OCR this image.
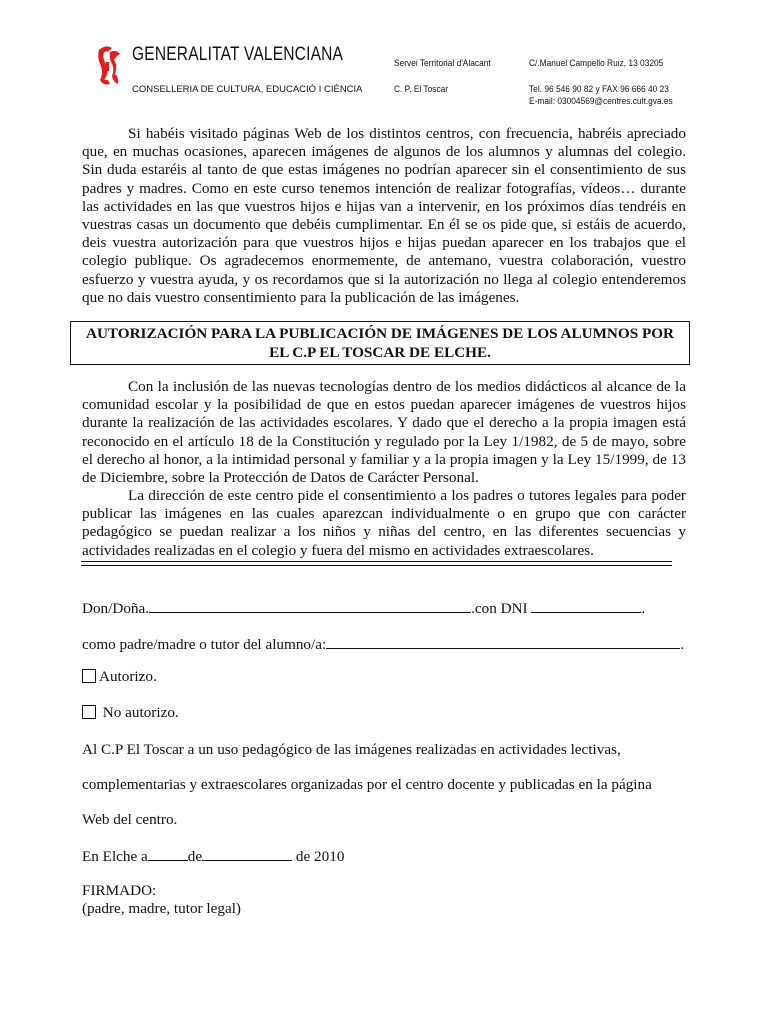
GENERALITAT VALENCIANA
CONSELLERIA DE CULTURA, EDUCACIÓ I CIÈNCIA
Servei Territorial d'Alacant
C. P. El Toscar
C/.Manuel Campello Ruiz, 13 03205
Tel. 96 546 90 82 y FAX 96 666 40 23
E-mail: 03004569@centres.cult.gva.es
Si habéis visitado páginas Web de los distintos centros, con frecuencia, habréis apreciado que, en muchas ocasiones, aparecen imágenes de algunos de los alumnos y alumnas del colegio. Sin duda estaréis al tanto de que estas imágenes no podrían aparecer sin el consentimiento de sus padres y madres. Como en este curso tenemos intención de realizar fotografías, vídeos… durante las actividades en las que vuestros hijos e hijas van a intervenir, en los próximos días tendréis en vuestras casas un documento que debéis cumplimentar. En él se os pide que, si estáis de acuerdo, deis vuestra autorización para que vuestros hijos e hijas puedan aparecer en los trabajos que el colegio publique. Os agradecemos enormemente, de antemano, vuestra colaboración, vuestro esfuerzo y vuestra ayuda, y os recordamos que si la autorización no llega al colegio entenderemos que no dais vuestro consentimiento para la publicación de las imágenes.
AUTORIZACIÓN PARA LA PUBLICACIÓN DE IMÁGENES DE LOS ALUMNOS POR
EL C.P EL TOSCAR DE ELCHE.
Con la inclusión de las nuevas tecnologías dentro de los medios didácticos al alcance de la comunidad escolar y la posibilidad de que en estos puedan aparecer imágenes de vuestros hijos durante la realización de las actividades escolares. Y dado que el derecho a la propia imagen está reconocido en el artículo 18 de la Constitución y regulado por la Ley 1/1982, de 5 de mayo, sobre el derecho al honor, a la intimidad personal y familiar y a la propia imagen y la Ley 15/1999, de 13 de Diciembre, sobre la Protección de Datos de Carácter Personal.
La dirección de este centro pide el consentimiento a los padres o tutores legales para poder publicar las imágenes en las cuales aparezcan individualmente o en grupo que con carácter pedagógico se puedan realizar a los niños y niñas del centro, en las diferentes secuencias y actividades realizadas en el colegio y fuera del mismo en actividades extraescolares.
Don/Doña.	.con DNI	.
como padre/madre o tutor del alumno/a:	.
Autorizo.
No autorizo.
Al C.P El Toscar a un uso pedagógico de las imágenes realizadas en actividades lectivas,
complementarias y extraescolares organizadas por el centro docente y publicadas en la página
Web del centro.
En Elche a	de	de 2010
FIRMADO:
(padre, madre, tutor legal)
